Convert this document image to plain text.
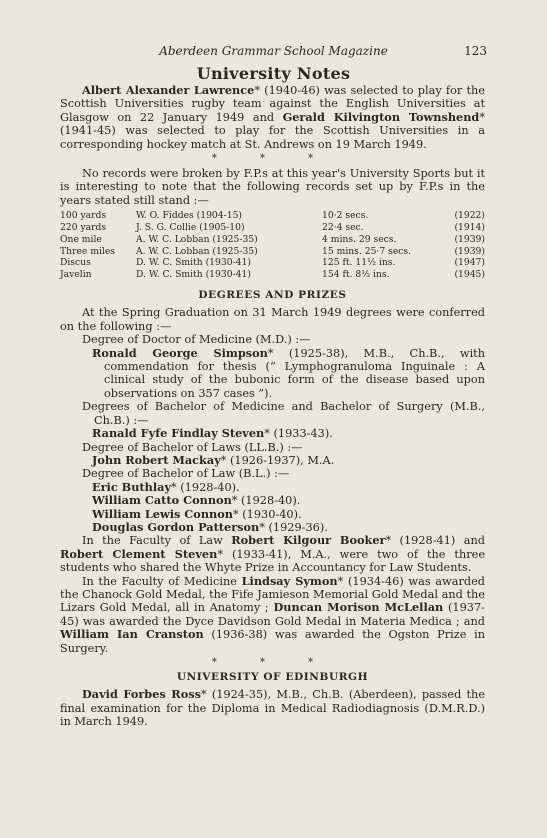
Aberdeen Grammar School Magazine	123
University Notes

Albert Alexander Lawrence* (1940-46) was selected to play for the Scottish Universities rugby team against the English Universities at Glasgow on 22 January 1949 and Gerald Kilvington Townshend* (1941-45) was selected to play for the Scottish Universities in a corresponding hockey match at St. Andrews on 19 March 1949.

* * *

No records were broken by F.P.s at this year's University Sports but it is interesting to note that the following records set up by F.P.s in the years stated still stand :—

100 yards	W. O. Fiddes (1904-15)	10·2 secs.	(1922)
220 yards	J. S. G. Collie (1905-10)	22·4 sec.	(1914)
One mile	A. W. C. Lobban (1925-35)	4 mins. 29 secs.	(1939)
Three miles	A. W. C. Lobban (1925-35)	15 mins. 25·7 secs.	(1939)
Discus	D. W. C. Smith (1930-41)	125 ft. 11½ ins.	(1947)
Javelin	D. W. C. Smith (1930-41)	154 ft. 8½ ins.	(1945)
DEGREES AND PRIZES

At the Spring Graduation on 31 March 1949 degrees were conferred on the following :—

Degree of Doctor of Medicine (M.D.) :—

Ronald George Simpson* (1925-38), M.B., Ch.B., with commendation for thesis (“ Lymphogranuloma Inguinale : A clinical study of the bubonic form of the disease based upon observations on 357 cases ”).

Degrees of Bachelor of Medicine and Bachelor of Surgery (M.B., Ch.B.) :—

Ranald Fyfe Findlay Steven* (1933-43).

Degree of Bachelor of Laws (LL.B.) :—

John Robert Mackay* (1926-1937), M.A.

Degree of Bachelor of Law (B.L.) :—

Eric Buthlay* (1928-40).

William Catto Connon* (1928-40).

William Lewis Connon* (1930-40).

Douglas Gordon Patterson* (1929-36).

In the Faculty of Law Robert Kilgour Booker* (1928-41) and Robert Clement Steven* (1933-41), M.A., were two of the three students who shared the Whyte Prize in Accountancy for Law Students.

In the Faculty of Medicine Lindsay Symon* (1934-46) was awarded the Chanock Gold Medal, the Fife Jamieson Memorial Gold Medal and the Lizars Gold Medal, all in Anatomy ; Duncan Morison McLellan (1937-45) was awarded the Dyce Davidson Gold Medal in Materia Medica ; and William Ian Cranston (1936-38) was awarded the Ogston Prize in Surgery.

* * *
UNIVERSITY OF EDINBURGH

David Forbes Ross* (1924-35), M.B., Ch.B. (Aberdeen), passed the final examination for the Diploma in Medical Radiodiagnosis (D.M.R.D.) in March 1949.
